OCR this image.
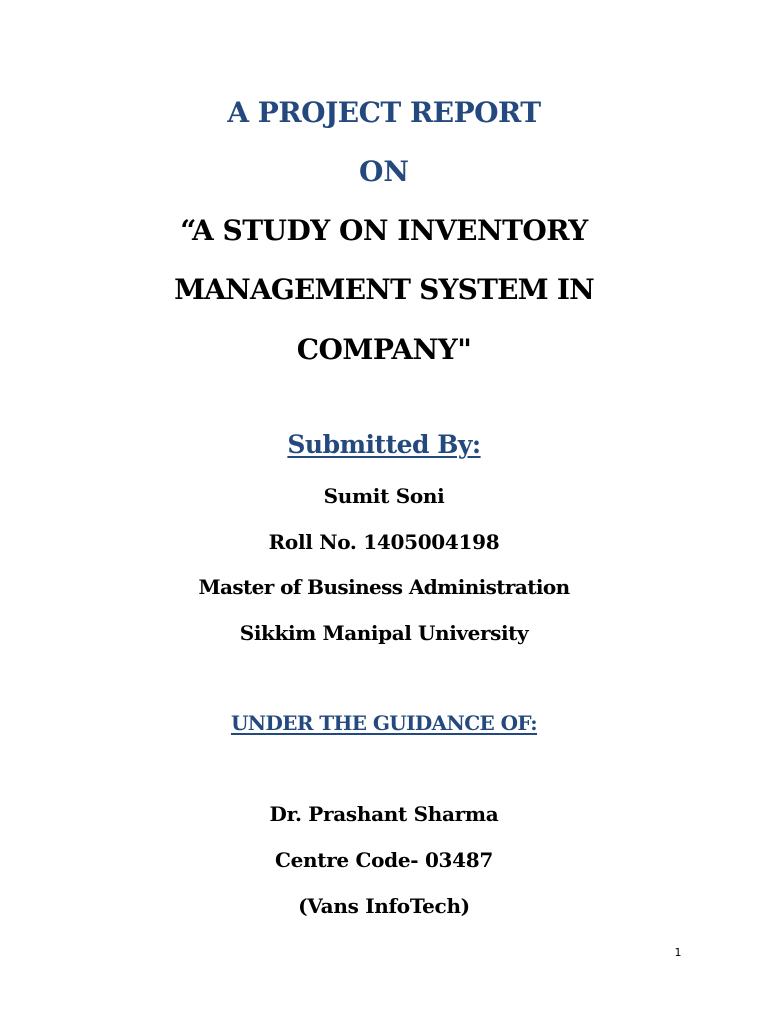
A PROJECT REPORT
ON
“A STUDY ON INVENTORY
MANAGEMENT SYSTEM IN
COMPANY"
Submitted By:
Sumit Soni
Roll No. 1405004198
Master of Business Administration
Sikkim Manipal University
UNDER THE GUIDANCE OF:
Dr. Prashant Sharma
Centre Code- 03487
(Vans InfoTech)
1
